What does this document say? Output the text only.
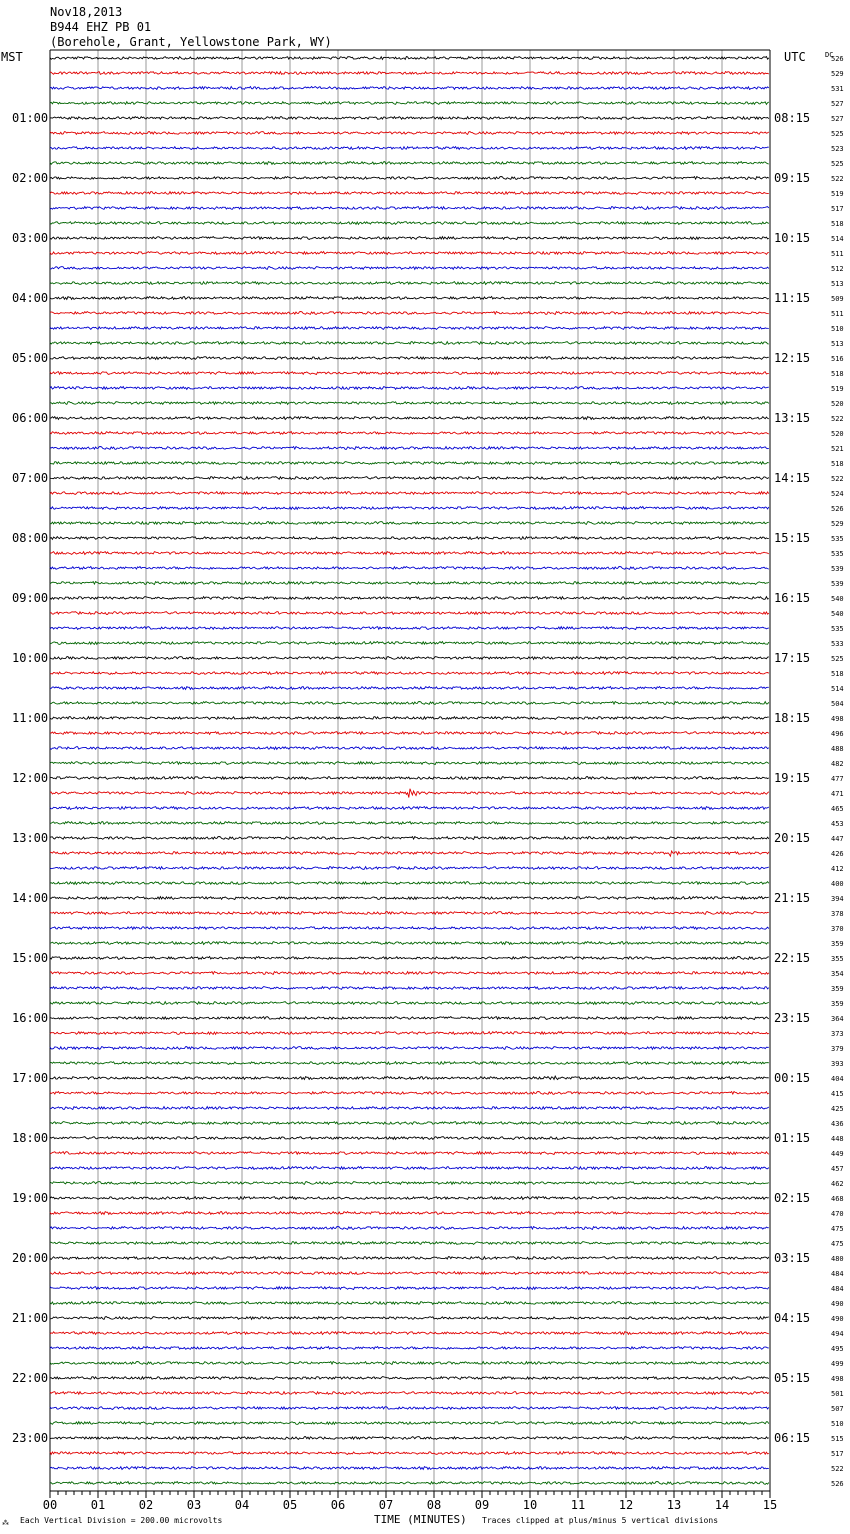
Nov18,2013
B944 EHZ PB 01
(Borehole, Grant, Yellowstone Park, WY)
MST	UTC	DC
01:00
02:00
03:00
04:00
05:00
06:00
07:00
08:00
09:00
10:00
11:00
12:00
13:00
14:00
15:00
16:00
17:00
18:00
19:00
20:00
21:00
22:00
23:00
08:15
09:15
10:15
11:15
12:15
13:15
14:15
15:15
16:15
17:15
18:15
19:15
20:15
21:15
22:15
23:15
00:15
01:15
02:15
03:15
04:15
05:15
06:15
526
529
531
527
527
525
523
525
522
519
517
518
514
511
512
513
509
511
510
513
516
518
519
520
522
520
521
518
522
524
526
529
535
535
539
539
540
540
535
533
525
518
514
504
498
496
488
482
477
471
465
453
447
426
412
400
394
378
370
359
355
354
359
359
364
373
379
393
404
415
425
436
448
449
457
462
468
470
475
475
480
484
484
490
490
494
495
499
498
501
507
510
515
517
522
526
00	01	02	03	04	05	06	07	08	09	10	11	12	13	14	15
⁂ Each Vertical Division = 200.00 microvolts	TIME (MINUTES) Traces clipped at plus/minus 5 vertical divisions
